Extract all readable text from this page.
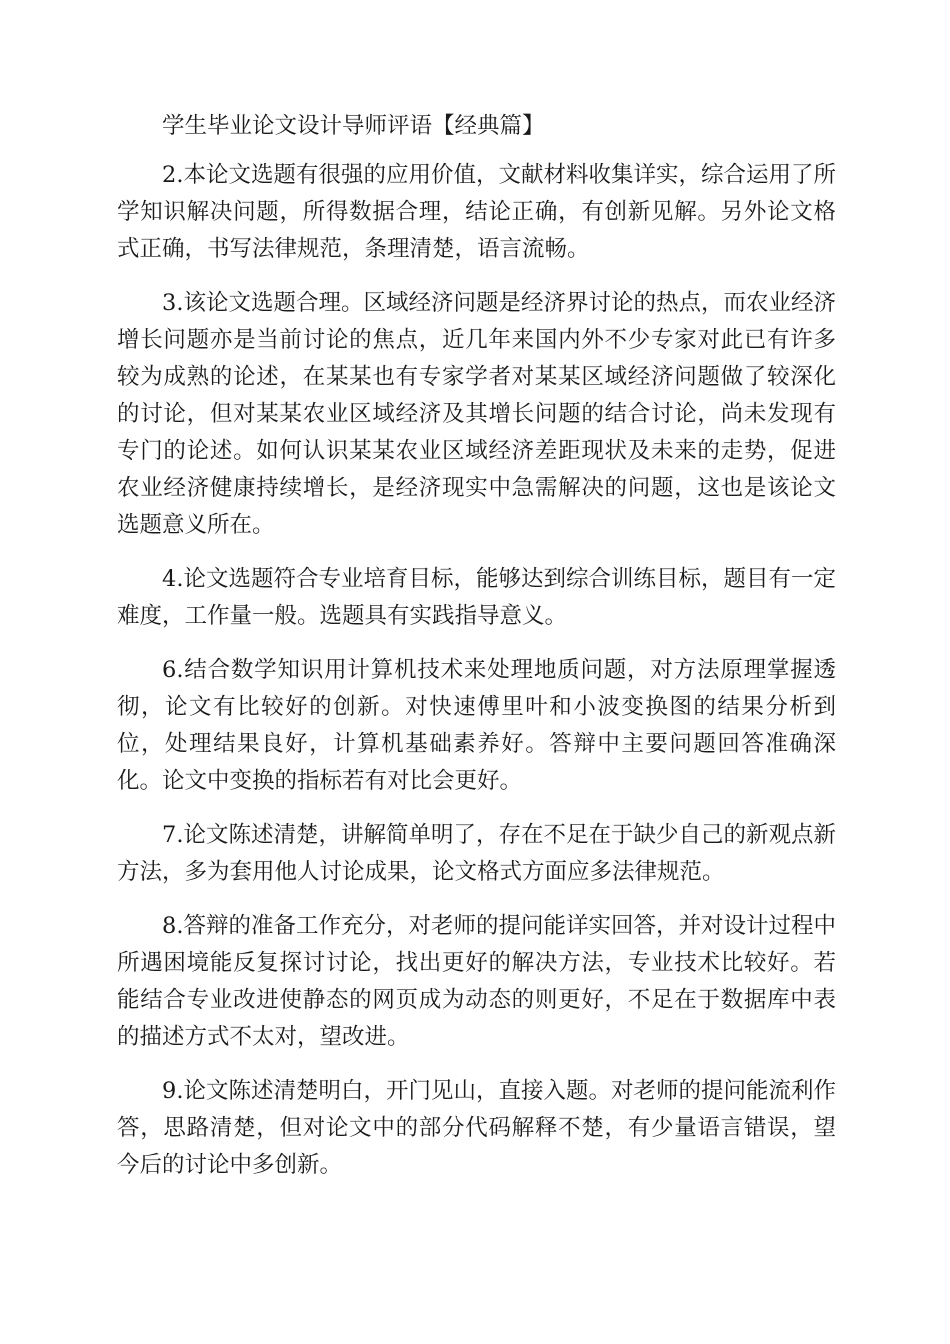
学生毕业论文设计导师评语【经典篇】

2.本论文选题有很强的应用价值，文献材料收集详实，综合运用了所学知识解决问题，所得数据合理，结论正确，有创新见解。另外论文格式正确，书写法律规范，条理清楚，语言流畅。

3.该论文选题合理。区域经济问题是经济界讨论的热点，而农业经济增长问题亦是当前讨论的焦点，近几年来国内外不少专家对此已有许多较为成熟的论述，在某某也有专家学者对某某区域经济问题做了较深化的讨论，但对某某农业区域经济及其增长问题的结合讨论，尚未发现有专门的论述。如何认识某某农业区域经济差距现状及未来的走势，促进农业经济健康持续增长，是经济现实中急需解决的问题，这也是该论文选题意义所在。

4.论文选题符合专业培育目标，能够达到综合训练目标，题目有一定难度，工作量一般。选题具有实践指导意义。

6.结合数学知识用计算机技术来处理地质问题，对方法原理掌握透彻，论文有比较好的创新。对快速傅里叶和小波变换图的结果分析到位，处理结果良好，计算机基础素养好。答辩中主要问题回答准确深化。论文中变换的指标若有对比会更好。

7.论文陈述清楚，讲解简单明了，存在不足在于缺少自己的新观点新方法，多为套用他人讨论成果，论文格式方面应多法律规范。

8.答辩的准备工作充分，对老师的提问能详实回答，并对设计过程中所遇困境能反复探讨讨论，找出更好的解决方法，专业技术比较好。若能结合专业改进使静态的网页成为动态的则更好，不足在于数据库中表的描述方式不太对，望改进。

9.论文陈述清楚明白，开门见山，直接入题。对老师的提问能流利作答，思路清楚，但对论文中的部分代码解释不楚，有少量语言错误，望今后的讨论中多创新。
